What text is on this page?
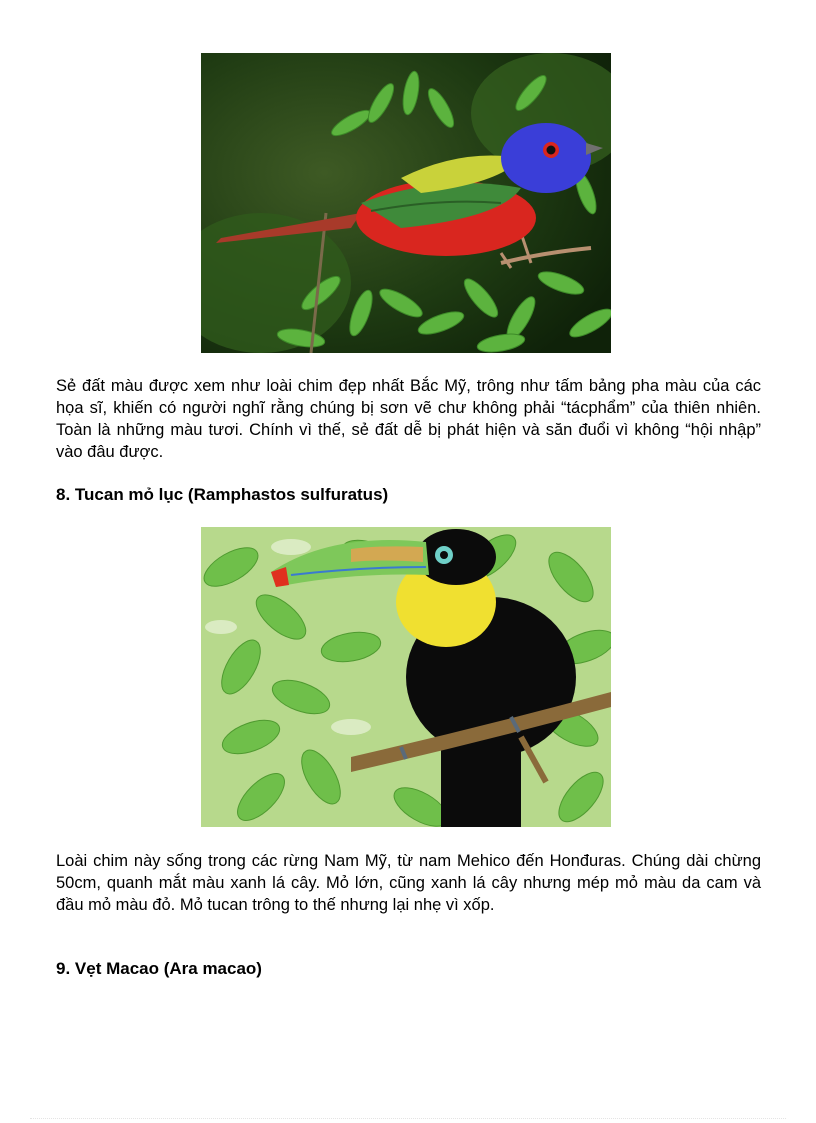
Sẻ đất màu được xem như loài chim đẹp nhất Bắc Mỹ, trông như tấm bảng pha màu của các họa sĩ, khiến có người nghĩ rằng chúng bị sơn vẽ chư không phải “tácphẩm” của thiên nhiên. Toàn là những màu tươi. Chính vì thế, sẻ đất dễ bị phát hiện và săn đuổi vì không “hội nhập” vào đâu được.

8. Tucan mỏ lục (Ramphastos sulfuratus)

Loài chim này sống trong các rừng Nam Mỹ, từ nam Mehico đến Honđuras. Chúng dài chừng 50cm, quanh mắt màu xanh lá cây. Mỏ lớn, cũng xanh lá cây nhưng mép mỏ màu da cam và đầu mỏ màu đỏ. Mỏ tucan trông to thế nhưng lại nhẹ vì xốp.

9. Vẹt Macao (Ara macao)
